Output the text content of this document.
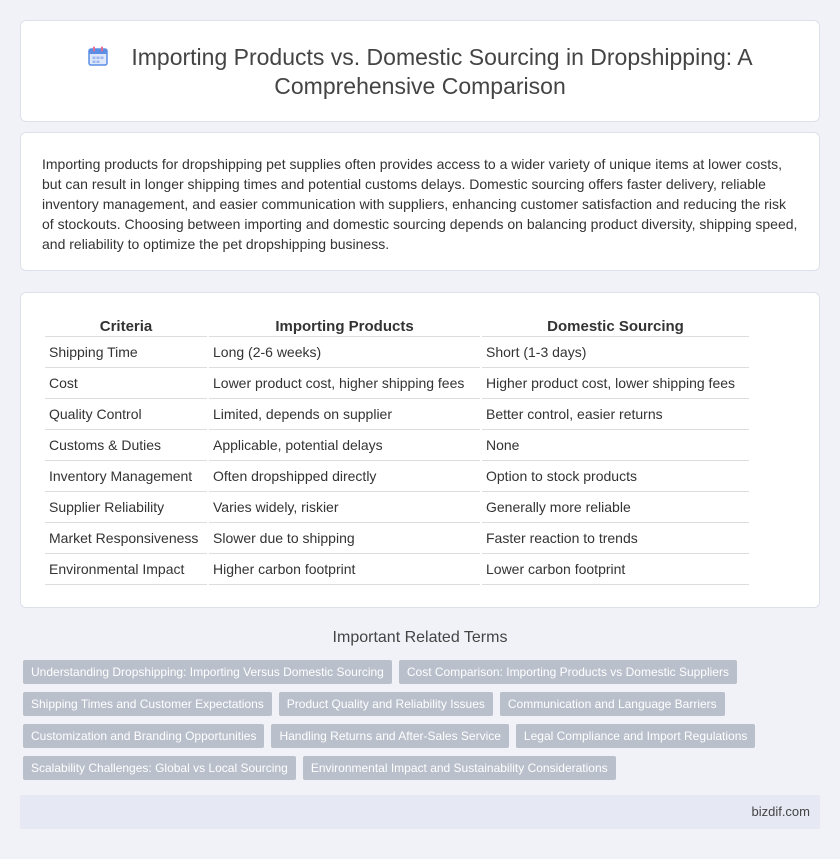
Importing Products vs. Domestic Sourcing in Dropshipping: A Comprehensive Comparison

Importing products for dropshipping pet supplies often provides access to a wider variety of unique items at lower costs, but can result in longer shipping times and potential customs delays. Domestic sourcing offers faster delivery, reliable inventory management, and easier communication with suppliers, enhancing customer satisfaction and reducing the risk of stockouts. Choosing between importing and domestic sourcing depends on balancing product diversity, shipping speed, and reliability to optimize the pet dropshipping business.

Criteria	Importing Products	Domestic Sourcing
Shipping Time	Long (2-6 weeks)	Short (1-3 days)
Cost	Lower product cost, higher shipping fees	Higher product cost, lower shipping fees
Quality Control	Limited, depends on supplier	Better control, easier returns
Customs & Duties	Applicable, potential delays	None
Inventory Management	Often dropshipped directly	Option to stock products
Supplier Reliability	Varies widely, riskier	Generally more reliable
Market Responsiveness	Slower due to shipping	Faster reaction to trends
Environmental Impact	Higher carbon footprint	Lower carbon footprint
Important Related Terms
Understanding Dropshipping: Importing Versus Domestic Sourcing	Cost Comparison: Importing Products vs Domestic Suppliers
Shipping Times and Customer Expectations	Product Quality and Reliability Issues	Communication and Language Barriers
Customization and Branding Opportunities	Handling Returns and After-Sales Service	Legal Compliance and Import Regulations
Scalability Challenges: Global vs Local Sourcing	Environmental Impact and Sustainability Considerations
bizdif.com
